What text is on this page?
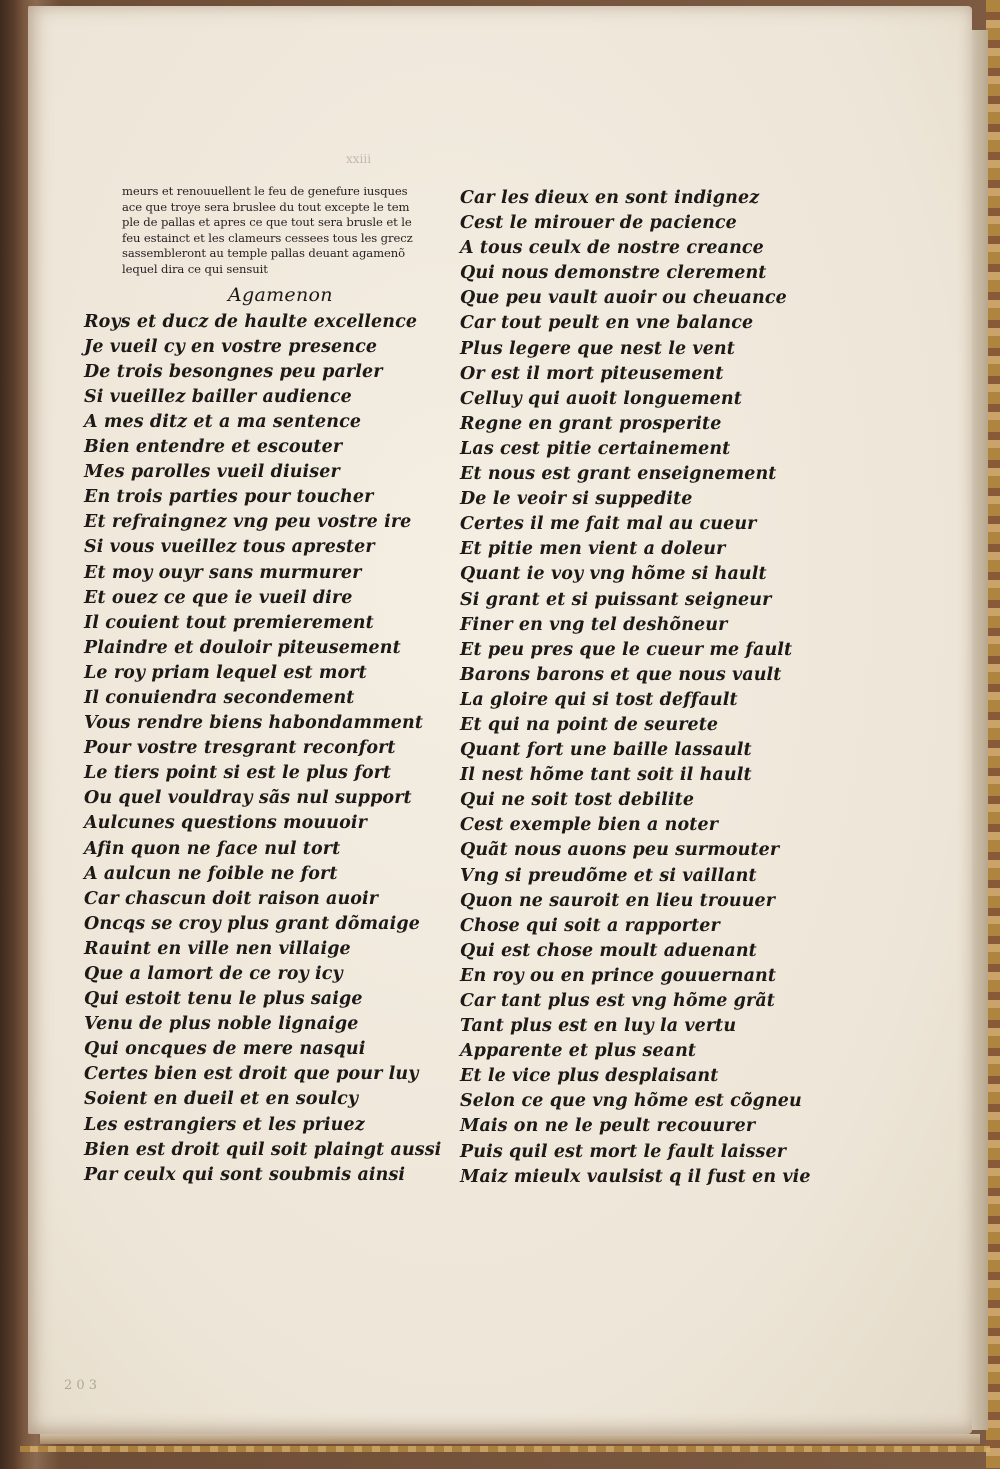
xxiii
2 0 3

meurs et renouuellent le feu de genefure iusques

ace que troye sera bruslee du tout excepte le tem

ple de pallas et apres ce que tout sera brusle et le

feu estainct et les clameurs cessees tous les grecz

sassembleront au temple pallas deuant agamenõ

lequel dira ce qui sensuit

Agamenon

Roys et ducz de haulte excellence

Je vueil cy en vostre presence

De trois besongnes peu parler

Si vueillez bailler audience

A mes ditz et a ma sentence

Bien entendre et escouter

Mes parolles vueil diuiser

En trois parties pour toucher

Et refraingnez vng peu vostre ire

Si vous vueillez tous aprester

Et moy ouyr sans murmurer

Et ouez ce que ie vueil dire

Il couient tout premierement

Plaindre et douloir piteusement

Le roy priam lequel est mort

Il conuiendra secondement

Vous rendre biens habondamment

Pour vostre tresgrant reconfort

Le tiers point si est le plus fort

Ou quel vouldray sãs nul support

Aulcunes questions mouuoir

Afin quon ne face nul tort

A aulcun ne foible ne fort

Car chascun doit raison auoir

Oncqs se croy plus grant dõmaige

Rauint en ville nen villaige

Que a lamort de ce roy icy

Qui estoit tenu le plus saige

Venu de plus noble lignaige

Qui oncques de mere nasqui

Certes bien est droit que pour luy

Soient en dueil et en soulcy

Les estrangiers et les priuez

Bien est droit quil soit plaingt aussi

Par ceulx qui sont soubmis ainsi

Car les dieux en sont indignez

Cest le mirouer de pacience

A tous ceulx de nostre creance

Qui nous demonstre clerement

Que peu vault auoir ou cheuance

Car tout peult en vne balance

Plus legere que nest le vent

Or est il mort piteusement

Celluy qui auoit longuement

Regne en grant prosperite

Las cest pitie certainement

Et nous est grant enseignement

De le veoir si suppedite

Certes il me fait mal au cueur

Et pitie men vient a doleur

Quant ie voy vng hõme si hault

Si grant et si puissant seigneur

Finer en vng tel deshõneur

Et peu pres que le cueur me fault

Barons barons et que nous vault

La gloire qui si tost deffault

Et qui na point de seurete

Quant fort une baille lassault

Il nest hõme tant soit il hault

Qui ne soit tost debilite

Cest exemple bien a noter

Quãt nous auons peu surmouter

Vng si preudõme et si vaillant

Quon ne sauroit en lieu trouuer

Chose qui soit a rapporter

Qui est chose moult aduenant

En roy ou en prince gouuernant

Car tant plus est vng hõme grãt

Tant plus est en luy la vertu

Apparente et plus seant

Et le vice plus desplaisant

Selon ce que vng hõme est cõgneu

Mais on ne le peult recouurer

Puis quil est mort le fault laisser

Maiz mieulx vaulsist q il fust en vie
